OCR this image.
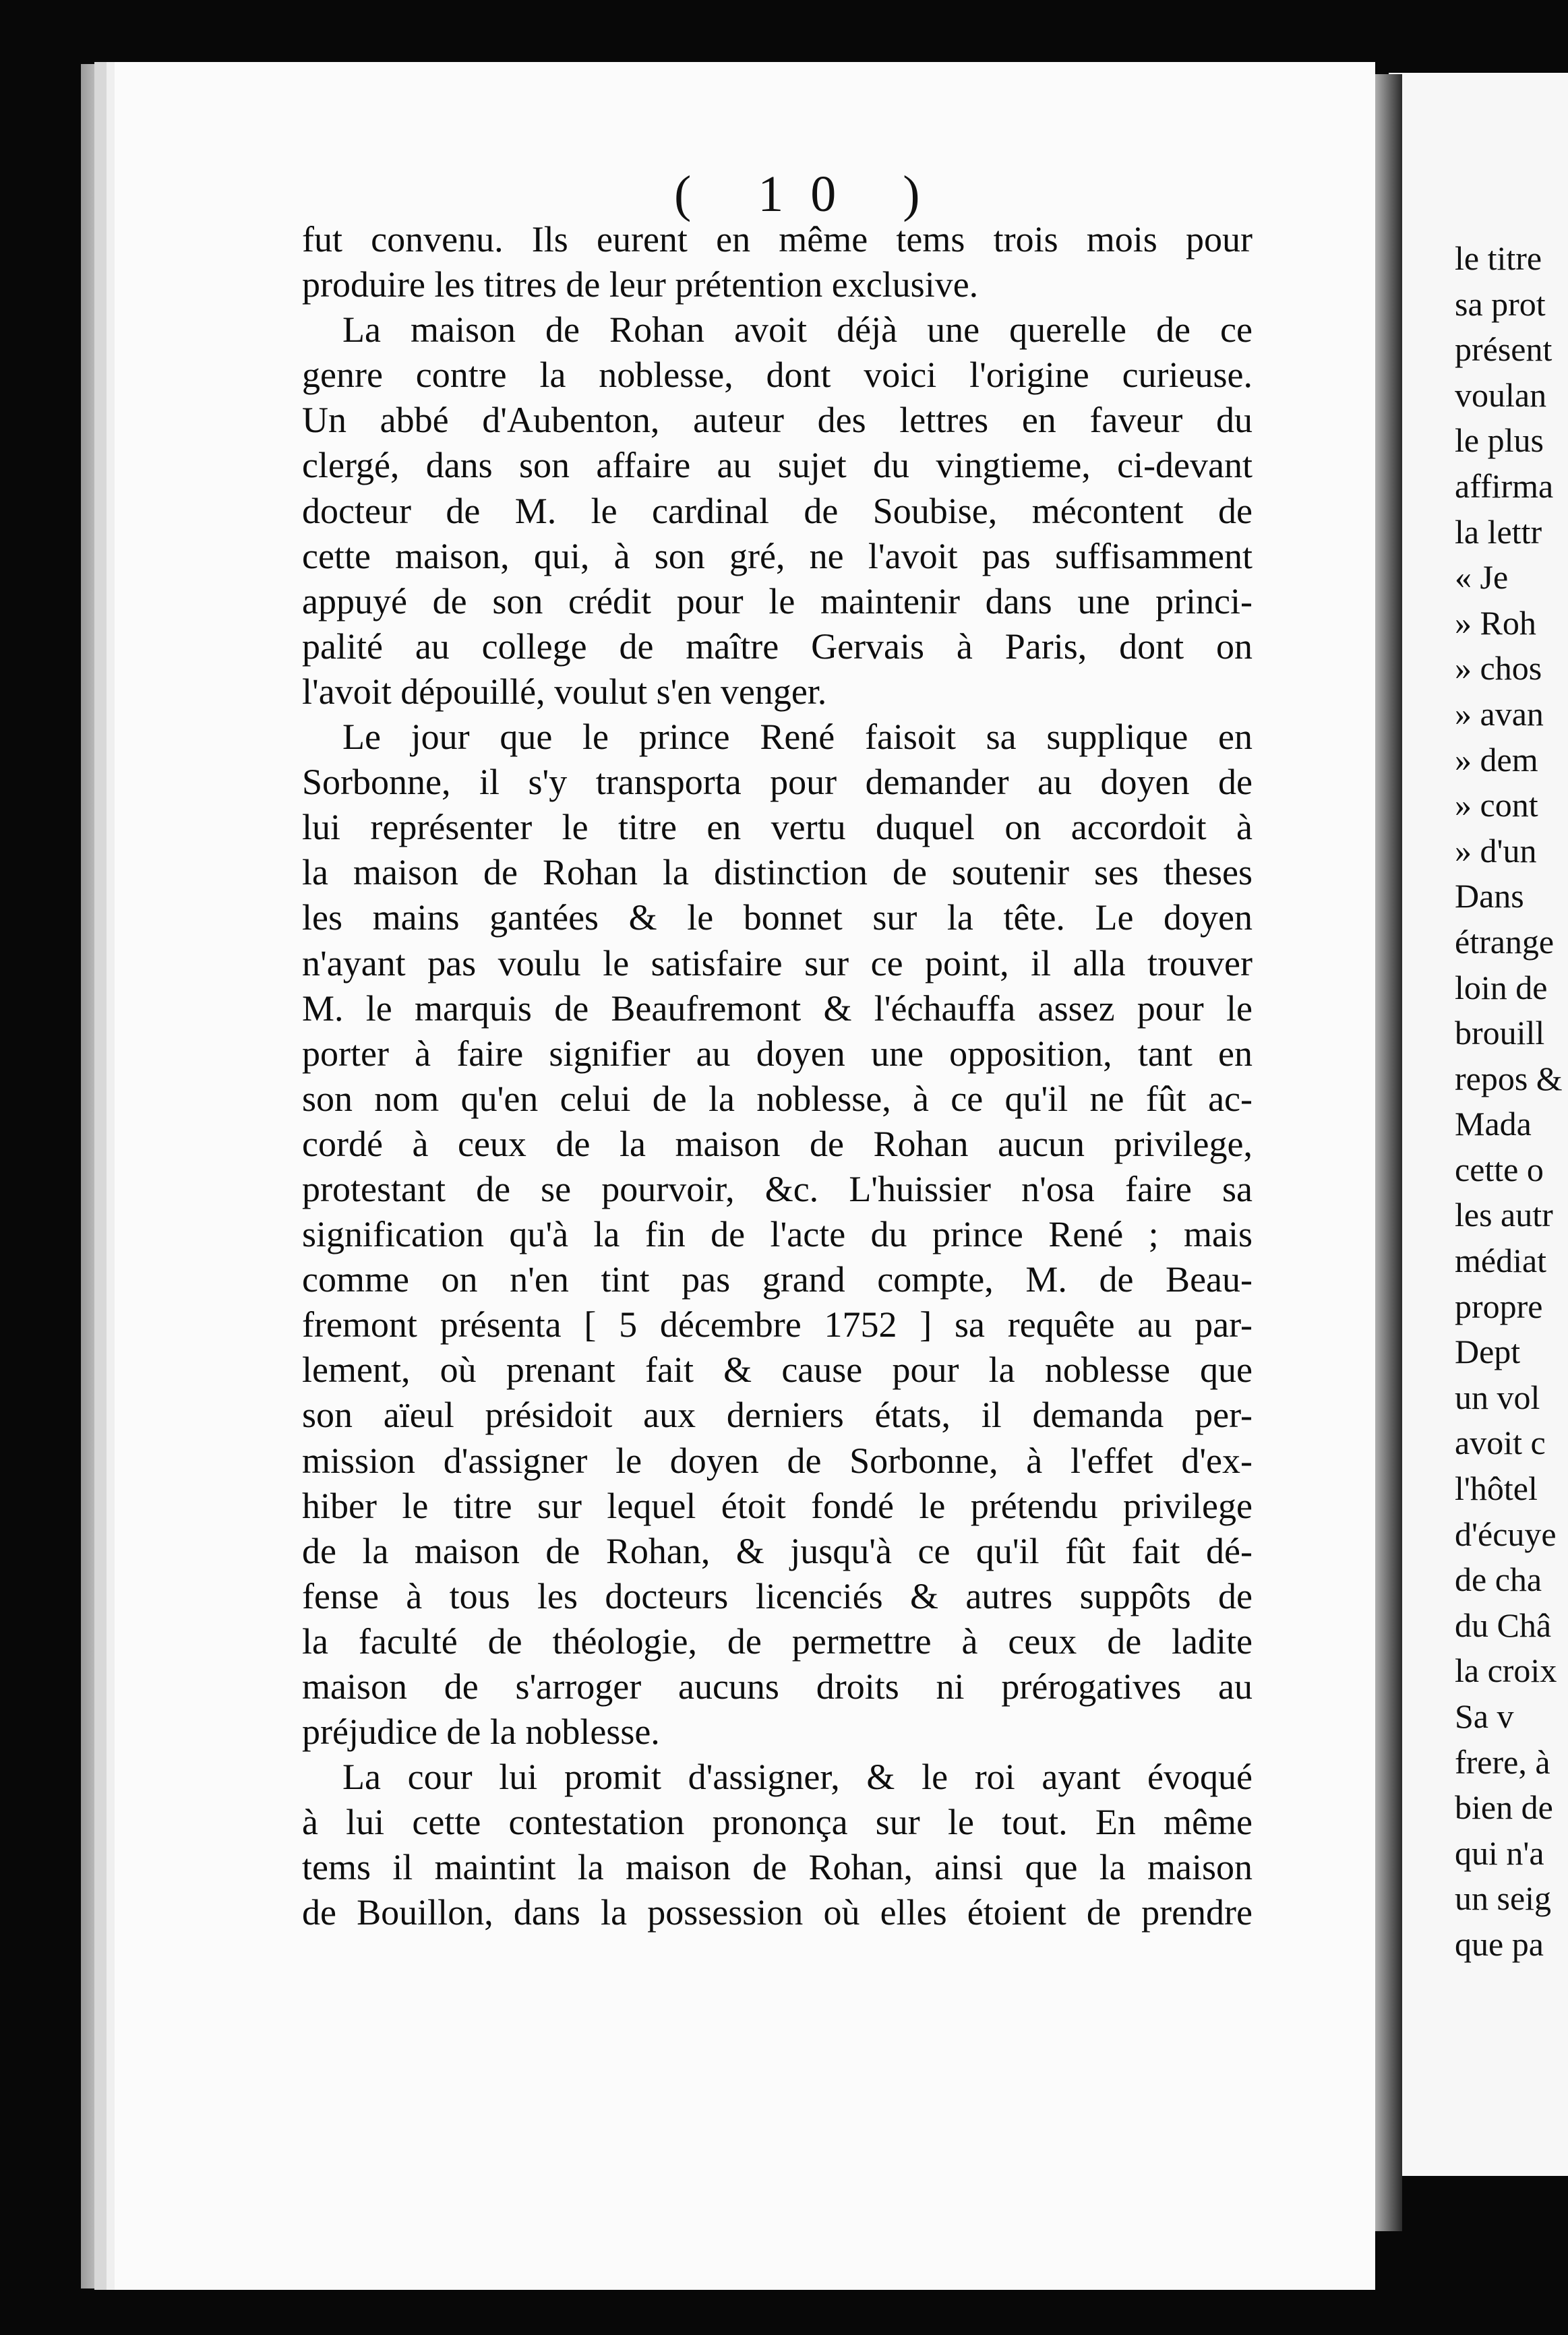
( 10 )
fut convenu. Ils eurent en même tems trois mois pour
produire les titres de leur prétention exclusive.
La maison de Rohan avoit déjà une querelle de ce
genre contre la noblesse, dont voici l'origine curieuse.
Un abbé d'Aubenton, auteur des lettres en faveur du
clergé, dans son affaire au sujet du vingtieme, ci-devant
docteur de M. le cardinal de Soubise, mécontent de
cette maison, qui, à son gré, ne l'avoit pas suffisamment
appuyé de son crédit pour le maintenir dans une princi-
palité au college de maître Gervais à Paris, dont on
l'avoit dépouillé, voulut s'en venger.
Le jour que le prince René faisoit sa supplique en
Sorbonne, il s'y transporta pour demander au doyen de
lui représenter le titre en vertu duquel on accordoit à
la maison de Rohan la distinction de soutenir ses theses
les mains gantées & le bonnet sur la tête. Le doyen
n'ayant pas voulu le satisfaire sur ce point, il alla trouver
M. le marquis de Beaufremont & l'échauffa assez pour le
porter à faire signifier au doyen une opposition, tant en
son nom qu'en celui de la noblesse, à ce qu'il ne fût ac-
cordé à ceux de la maison de Rohan aucun privilege,
protestant de se pourvoir, &c. L'huissier n'osa faire sa
signification qu'à la fin de l'acte du prince René ; mais
comme on n'en tint pas grand compte, M. de Beau-
fremont présenta [ 5 décembre 1752 ] sa requête au par-
lement, où prenant fait & cause pour la noblesse que
son aïeul présidoit aux derniers états, il demanda per-
mission d'assigner le doyen de Sorbonne, à l'effet d'ex-
hiber le titre sur lequel étoit fondé le prétendu privilege
de la maison de Rohan, & jusqu'à ce qu'il fût fait dé-
fense à tous les docteurs licenciés & autres suppôts de
la faculté de théologie, de permettre à ceux de ladite
maison de s'arroger aucuns droits ni prérogatives au
préjudice de la noblesse.
La cour lui promit d'assigner, & le roi ayant évoqué
à lui cette contestation prononça sur le tout. En même
tems il maintint la maison de Rohan, ainsi que la maison
de Bouillon, dans la possession où elles étoient de prendre
le titre
sa prot
présent
voulan
le plus
affirma
la lettr
« Je
» Roh
» chos
» avan
» dem
» cont
» d'un
Dans
étrange
loin de
brouill
repos &
Mada
cette o
les autr
médiat
propre
Dept
un vol
avoit c
l'hôtel
d'écuye
de cha
du Châ
la croix
Sa v
frere, à
bien de
qui n'a
un seig
que pa
